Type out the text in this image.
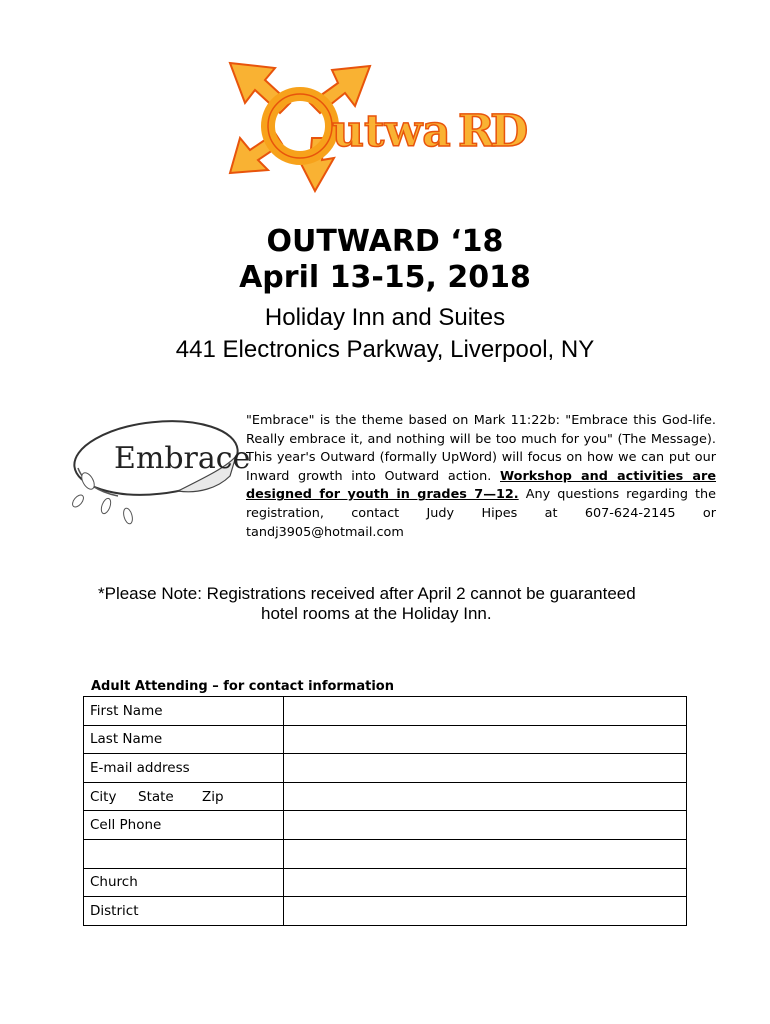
utwa R
D
OUTWARD ‘18
April 13-15, 2018
Holiday Inn and Suites
441 Electronics Parkway, Liverpool, NY
Embrace
"Embrace" is the theme based on Mark 11:22b: "Embrace this God-life. Really embrace it, and nothing will be too much for you" (The Message). This year's Outward (formally UpWord) will focus on how we can put our Inward growth into Outward action. Workshop and activities are designed for youth in grades 7—12. Any questions regarding the registration, contact Judy Hipes at 607-624-2145 or tandj3905@hotmail.com
*Please Note: Registrations received after April 2 cannot be guaranteed
hotel rooms at the Holiday Inn.
Adult Attending – for contact information
First Name	
Last Name	
E-mail address	
City State Zip	
Cell Phone	

Church	
District	
